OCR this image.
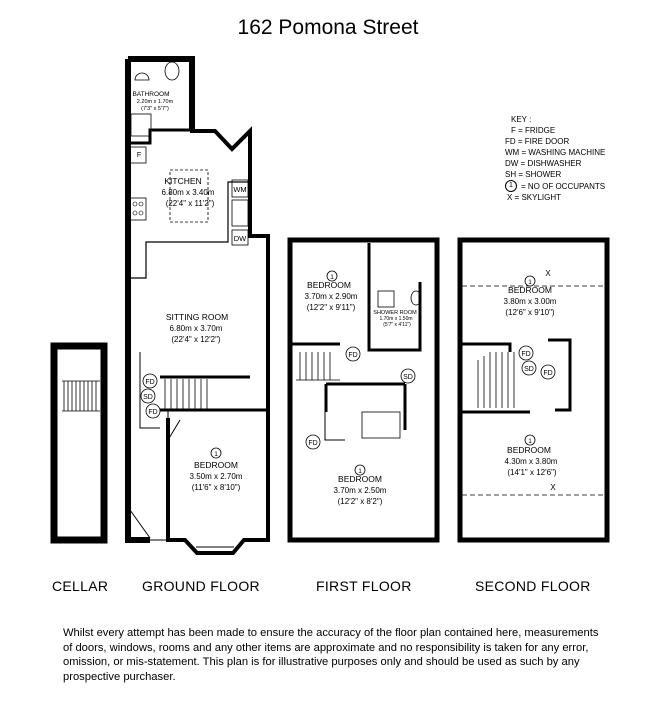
162 Pomona Street
BATHROOM
2.20m x 1.70m
(7'3" x 5'7")
KITCHEN
6.80m x 3.40m
(22'4" x 11'2")
SITTING ROOM
6.80m x 3.70m
(22'4" x 12'2")
1
BEDROOM
3.50m x 2.70m
(11'6" x 8'10")
1
BEDROOM
3.70m x 2.90m
(12'2" x 9'11")
SHOWER ROOM
1.70m x 1.50m
(5'7" x 4'11")
1
BEDROOM
3.70m x 2.50m
(12'2" x 8'2")
1
BEDROOM
3.80m x 3.00m
(12'6" x 9'10")
1
BEDROOM
4.30m x 3.80m
(14'1" x 12'6")
F
WM
DW
FD
SD
FD
FD
SD
FD
FD
SD
FD
X
X
KEY :
F = FRIDGE
FD = FIRE DOOR
WM = WASHING MACHINE
DW = DISHWASHER
SH = SHOWER
1	= NO OF OCCUPANTS
X = SKYLIGHT
CELLAR GROUND FLOOR	FIRST FLOOR	SECOND FLOOR
Whilst every attempt has been made to ensure the accuracy of the floor plan contained here, measurements of doors, windows, rooms and any other items are approximate and no responsibility is taken for any error, omission, or mis-statement. This plan is for illustrative purposes only and should be used as such by any prospective purchaser.
